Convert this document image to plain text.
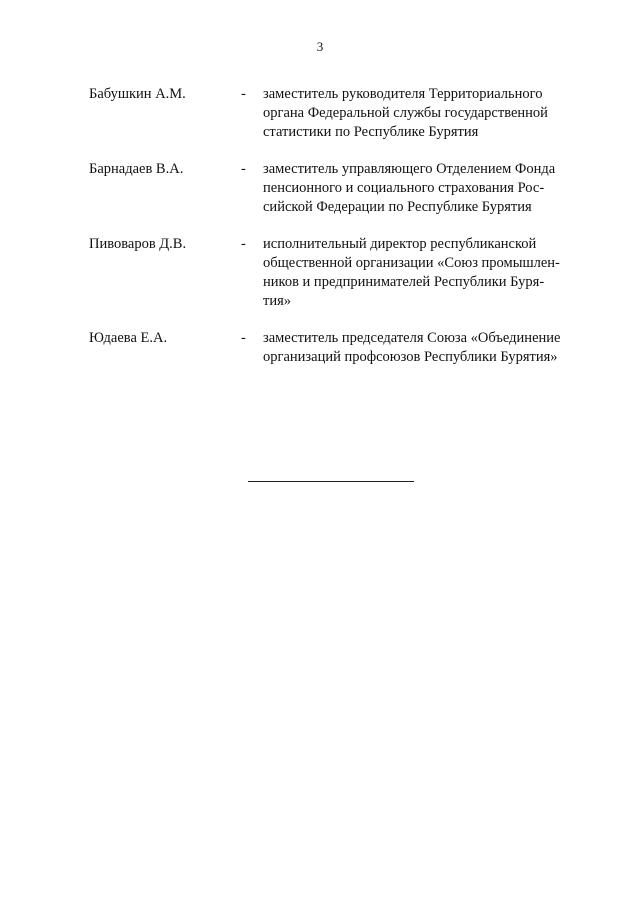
3
Бабушкин А.М.	-	заместитель руководителя Территориального
органа Федеральной службы государственной
статистики по Республике Бурятия
Барнадаев В.А.	-	заместитель управляющего Отделением Фонда
пенсионного и социального страхования Рос-
сийской Федерации по Республике Бурятия
Пивоваров Д.В.	-	исполнительный директор республиканской
общественной организации «Союз промышлен-
ников и предпринимателей Республики Буря-
тия»
Юдаева Е.А.	-	заместитель председателя Союза «Объединение
организаций профсоюзов Республики Бурятия»
